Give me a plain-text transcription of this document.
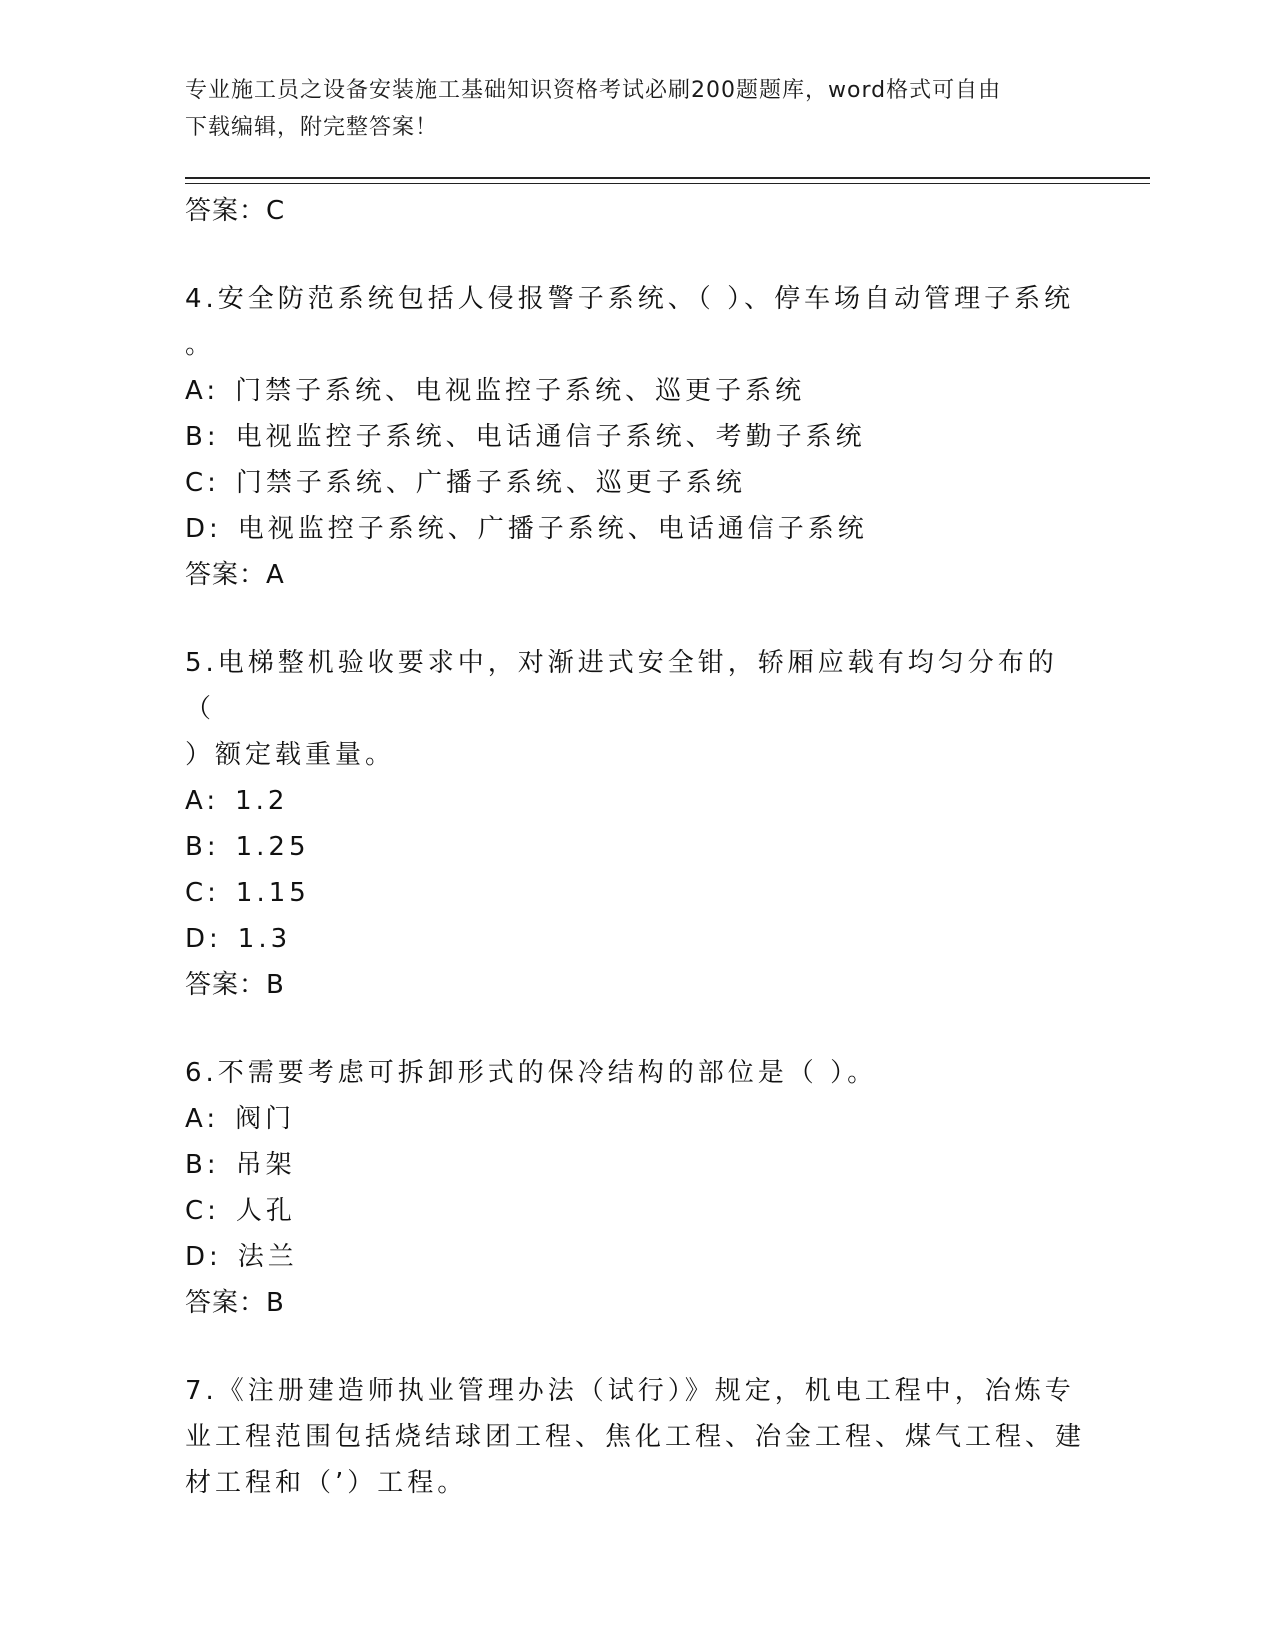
专业施工员之设备安装施工基础知识资格考试必刷200题题库，word格式可自由
下载编辑，附完整答案！
答案：C
4.安全防范系统包括人侵报警子系统、（ ）、停车场自动管理子系统
。
A: 门禁子系统、电视监控子系统、巡更子系统
B: 电视监控子系统、电话通信子系统、考勤子系统
C: 门禁子系统、广播子系统、巡更子系统
D: 电视监控子系统、广播子系统、电话通信子系统
答案：A
5.电梯整机验收要求中，对渐进式安全钳，轿厢应载有均匀分布的（
）额定载重量。
A: 1.2
B: 1.25
C: 1.15
D: 1.3
答案：B
6.不需要考虑可拆卸形式的保冷结构的部位是（ ）。
A: 阀门
B: 吊架
C: 人孔
D: 法兰
答案：B
7.《注册建造师执业管理办法（试行）》规定，机电工程中，冶炼专
业工程范围包括烧结球团工程、焦化工程、冶金工程、煤气工程、建
材工程和（’）工程。
